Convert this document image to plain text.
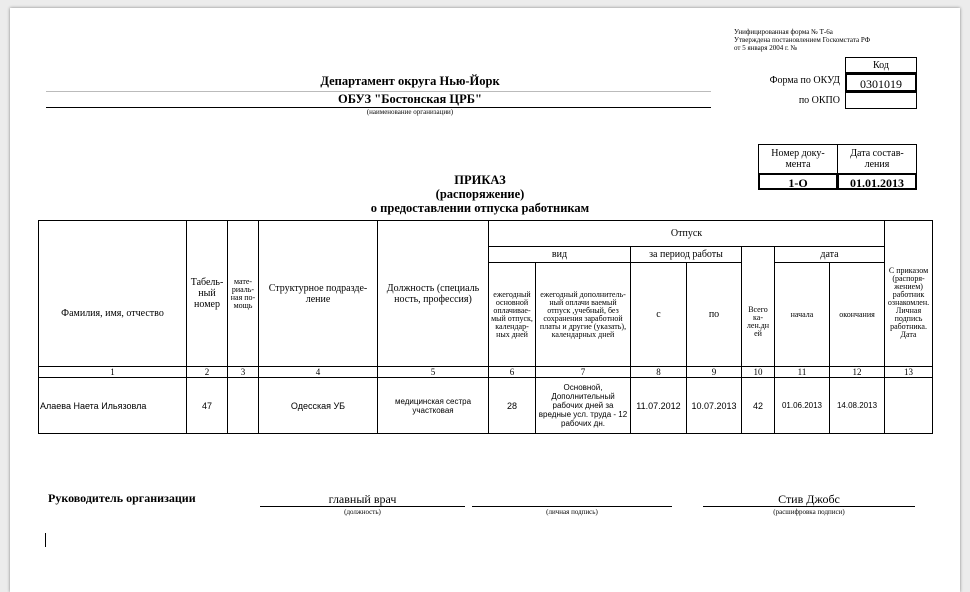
Унифицированная форма № Т-6а
Утверждена постановлением Госкомстата РФ
от 5 января 2004 г. №
Код
Форма по ОКУД	0301019
по ОКПО
Департамент округа Нью-Йорк
ОБУЗ "Бостонская ЦРБ"
(наименование организации)
Номер доку-мента
Дата состав-ления
1-О	01.01.2013
ПРИКАЗ
(распоряжение)
о предоставлении отпуска работникам
Фамилия, имя, отчество	Табель-ный номер	мате-риаль-ная по-мощь	Структурное подразде-ление	Должность (специаль ность, профессия)	Отпуск							С приказом (распоря-жением) работник ознакомлен. Личная подпись работника. Дата
					вид		за период работы		Всего ка-лен.дн ей	дата		
					ежегодный основной оплачивае-мый отпуск, календар-ных дней	ежегодный дополнитель-ный оплачи ваемый отпуск ,учебный, без сохранения заработной платы и другие (указать), календарных дней	с	по		начала	окончания	
1	2	3	4	5	6	7	8	9	10	11	12	13
Алаева Наета Ильязовла	47		Одесская УБ	медицинская сестра участковая	28	Основной, Дополнительный рабочих дней за вредные усл. труда - 12 рабочих дн.	11.07.2012	10.07.2013	42	01.06.2013	14.08.2013	
Руководитель организации	главный врач
(должность)	(личная подпись)
Стив Джобс
(расшифровка подписи)
